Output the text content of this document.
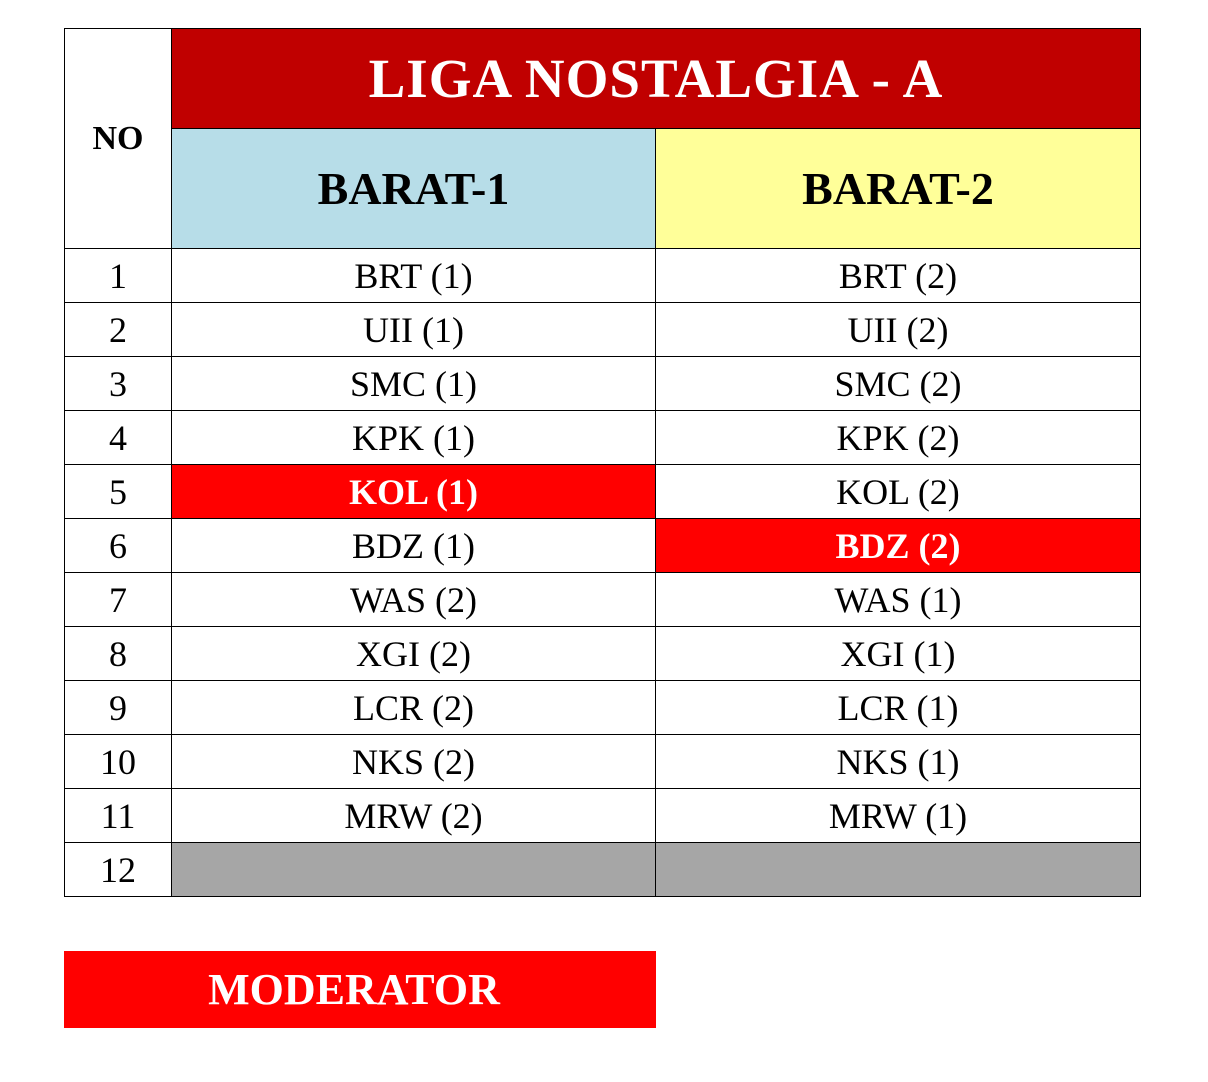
NO	LIGA NOSTALGIA - A	
	BARAT-1	BARAT-2
1	BRT (1)	BRT (2)
2	UII (1)	UII (2)
3	SMC (1)	SMC (2)
4	KPK (1)	KPK (2)
5	KOL (1)	KOL (2)
6	BDZ (1)	BDZ (2)
7	WAS (2)	WAS (1)
8	XGI (2)	XGI (1)
9	LCR (2)	LCR (1)
10	NKS (2)	NKS (1)
11	MRW (2)	MRW (1)
12		
MODERATOR
